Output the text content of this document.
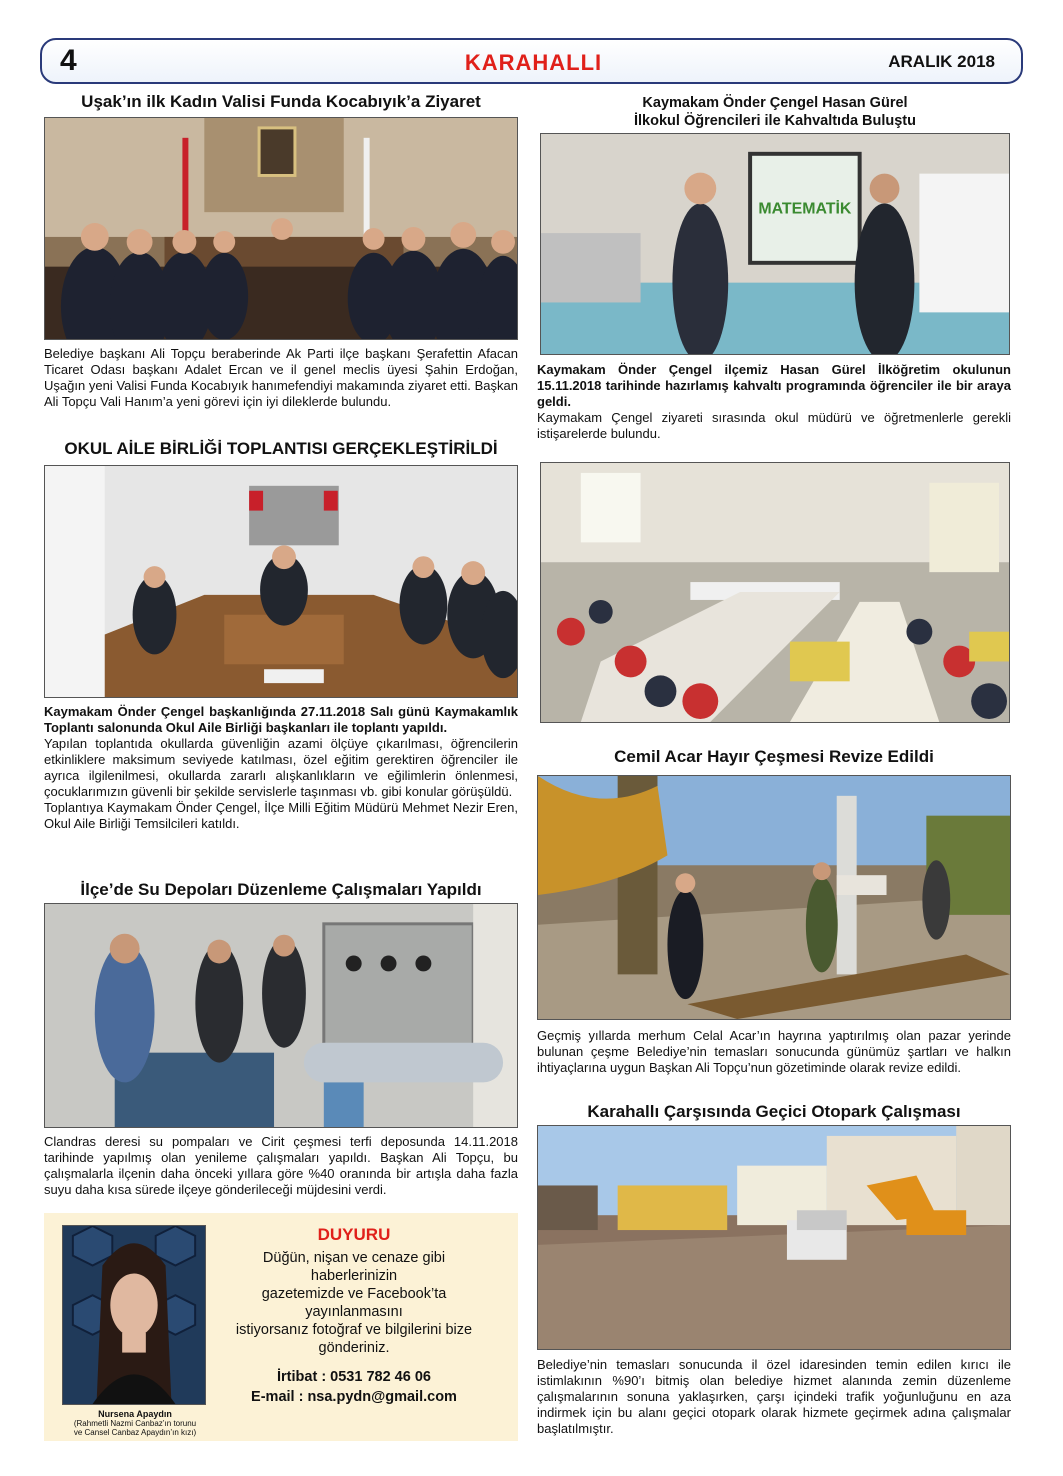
4	KARAHALLI	ARALIK 2018
Uşak’ın ilk Kadın Valisi Funda Kocabıyık’a Ziyaret
Belediye başkanı Ali Topçu beraberinde Ak Parti ilçe başkanı Şerafettin Afacan Ticaret Odası başkanı Adalet Ercan ve il genel meclis üyesi Şahin Erdoğan, Uşağın yeni Valisi Funda Kocabıyık hanımefendiyi makamında ziyaret etti. Başkan Ali Topçu Vali Hanım’a yeni görevi için iyi dileklerde bulundu.
Kaymakam Önder Çengel Hasan Gürel
İlkokul Öğrencileri ile Kahvaltıda Buluştu
MATEMATİK
Kaymakam Önder Çengel ilçemiz Hasan Gürel İlköğretim okulunun 15.11.2018 tarihinde hazırlamış kahvaltı programında öğrenciler ile bir araya geldi.
Kaymakam Çengel ziyareti sırasında okul müdürü ve öğretmenlerle gerekli istişarelerde bulundu.
OKUL AİLE BİRLİĞİ TOPLANTISI GERÇEKLEŞTİRİLDİ
Kaymakam Önder Çengel başkanlığında 27.11.2018 Salı günü Kaymakamlık Toplantı salonunda Okul Aile Birliği başkanları ile toplantı yapıldı.
Yapılan toplantıda okullarda güvenliğin azami ölçüye çıkarılması, öğrencilerin etkinliklere maksimum seviyede katılması, özel eğitim gerektiren öğrenciler ile ayrıca ilgilenilmesi, okullarda zararlı alışkanlıkların ve eğilimlerin önlenmesi, çocuklarımızın güvenli bir şekilde servislerle taşınması vb. gibi konular görüşüldü.
Toplantıya Kaymakam Önder Çengel, İlçe Milli Eğitim Müdürü Mehmet Nezir Eren, Okul Aile Birliği Temsilcileri katıldı.
Cemil Acar Hayır Çeşmesi Revize Edildi
Geçmiş yıllarda merhum Celal Acar’ın hayrına yaptırılmış olan pazar yerinde bulunan çeşme Belediye’nin temasları sonucunda günümüz şartları ve halkın ihtiyaçlarına uygun Başkan Ali Topçu’nun gözetiminde olarak revize edildi.
İlçe’de Su Depoları Düzenleme Çalışmaları Yapıldı
Clandras deresi su pompaları ve Cirit çeşmesi terfi deposunda 14.11.2018 tarihinde yapılmış olan yenileme çalışmaları yapıldı. Başkan Ali Topçu, bu çalışmalarla ilçenin daha önceki yıllara göre %40 oranında bir artışla daha fazla suyu daha kısa sürede ilçeye gönderileceği müjdesini verdi.
Karahallı Çarşısında Geçici Otopark Çalışması
Belediye’nin temasları sonucunda il özel idaresinden temin edilen kırıcı ile istimlakının %90’ı bitmiş olan belediye hizmet alanında zemin düzenleme çalışmalarının sonuna yaklaşırken, çarşı içindeki trafik yoğunluğunu en aza indirmek için bu alanı geçici otopark olarak hizmete geçirmek adına çalışmalar başlatılmıştır.
Nursena Apaydın
(Rahmetli Nazmi Canbaz’ın torunu
ve Cansel Canbaz Apaydın’ın kızı)
DUYURU
Düğün, nişan ve cenaze gibi
haberlerinizin
gazetemizde ve Facebook’ta
yayınlanmasını
istiyorsanız fotoğraf ve bilgilerini bize
gönderiniz.
İrtibat : 0531 782 46 06
E-mail : nsa.pydn@gmail.com
